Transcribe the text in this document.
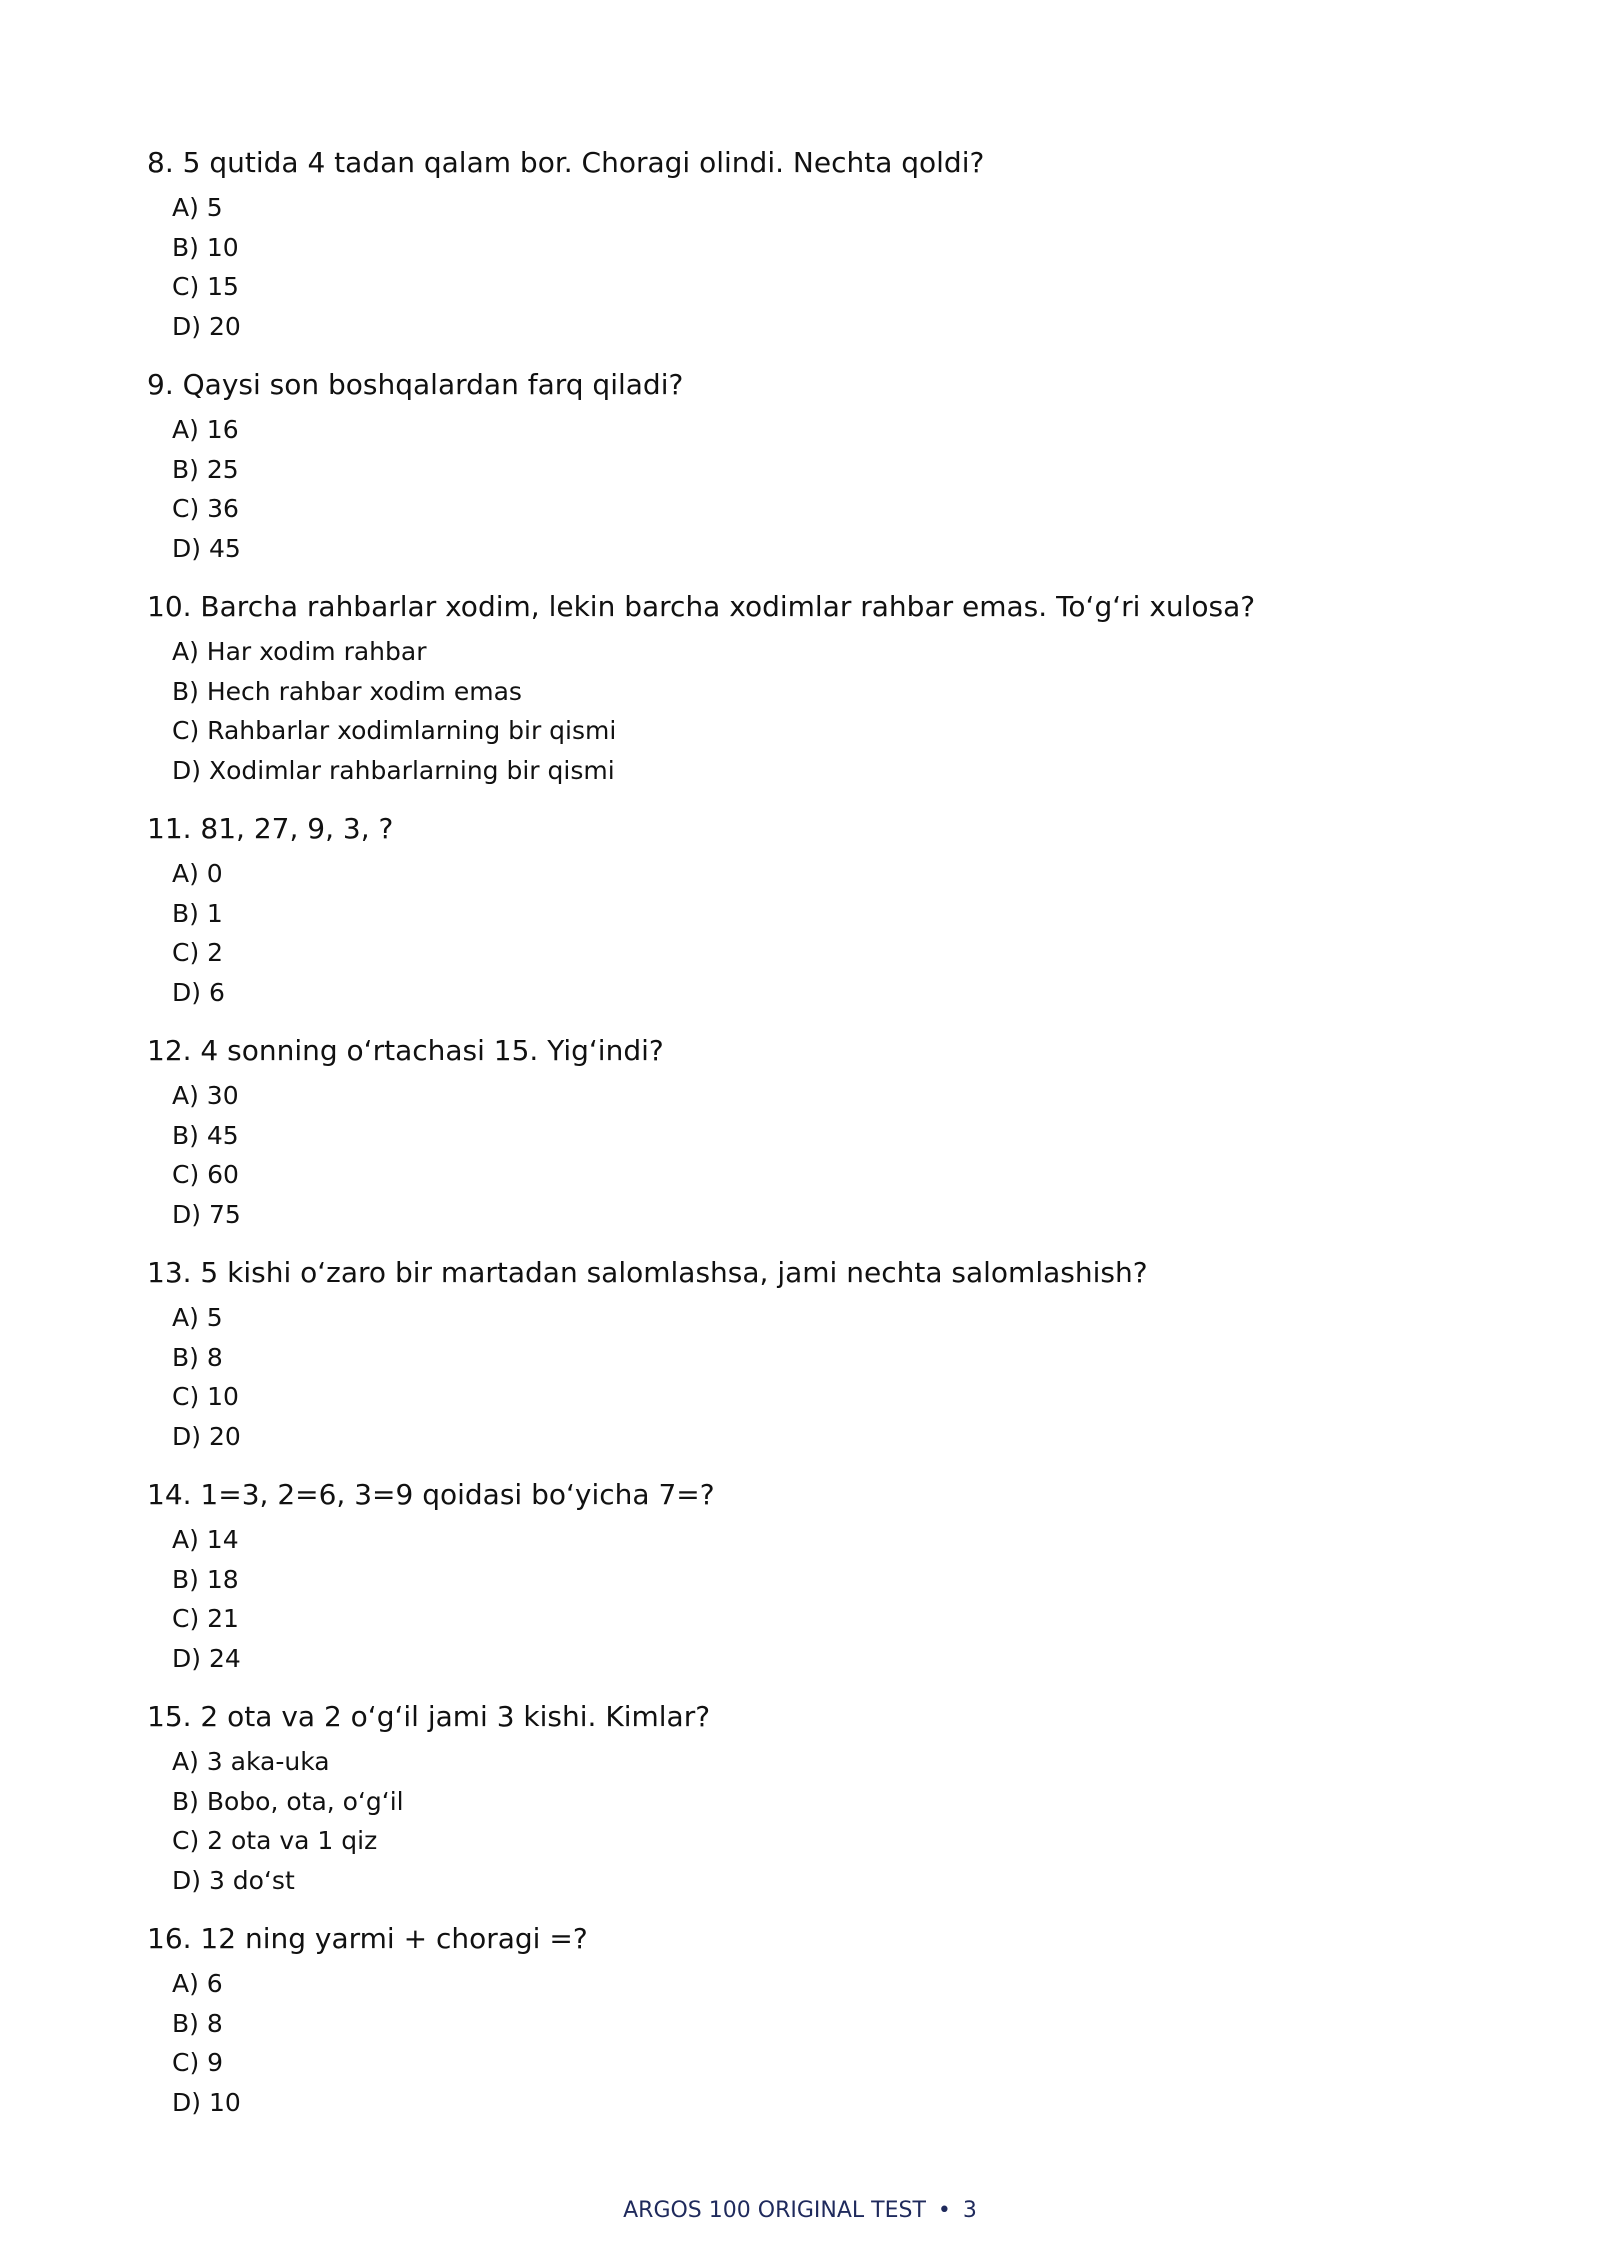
8. 5 qutida 4 tadan qalam bor. Choragi olindi. Nechta qoldi?
A) 5
B) 10
C) 15
D) 20
9. Qaysi son boshqalardan farq qiladi?
A) 16
B) 25
C) 36
D) 45
10. Barcha rahbarlar xodim, lekin barcha xodimlar rahbar emas. To‘g‘ri xulosa?
A) Har xodim rahbar
B) Hech rahbar xodim emas
C) Rahbarlar xodimlarning bir qismi
D) Xodimlar rahbarlarning bir qismi
11. 81, 27, 9, 3, ?
A) 0
B) 1
C) 2
D) 6
12. 4 sonning o‘rtachasi 15. Yig‘indi?
A) 30
B) 45
C) 60
D) 75
13. 5 kishi o‘zaro bir martadan salomlashsa, jami nechta salomlashish?
A) 5
B) 8
C) 10
D) 20
14. 1=3, 2=6, 3=9 qoidasi bo‘yicha 7=?
A) 14
B) 18
C) 21
D) 24
15. 2 ota va 2 o‘g‘il jami 3 kishi. Kimlar?
A) 3 aka-uka
B) Bobo, ota, o‘g‘il
C) 2 ota va 1 qiz
D) 3 do‘st
16. 12 ning yarmi + choragi =?
A) 6
B) 8
C) 9
D) 10
ARGOS 100 ORIGINAL TEST • 3
